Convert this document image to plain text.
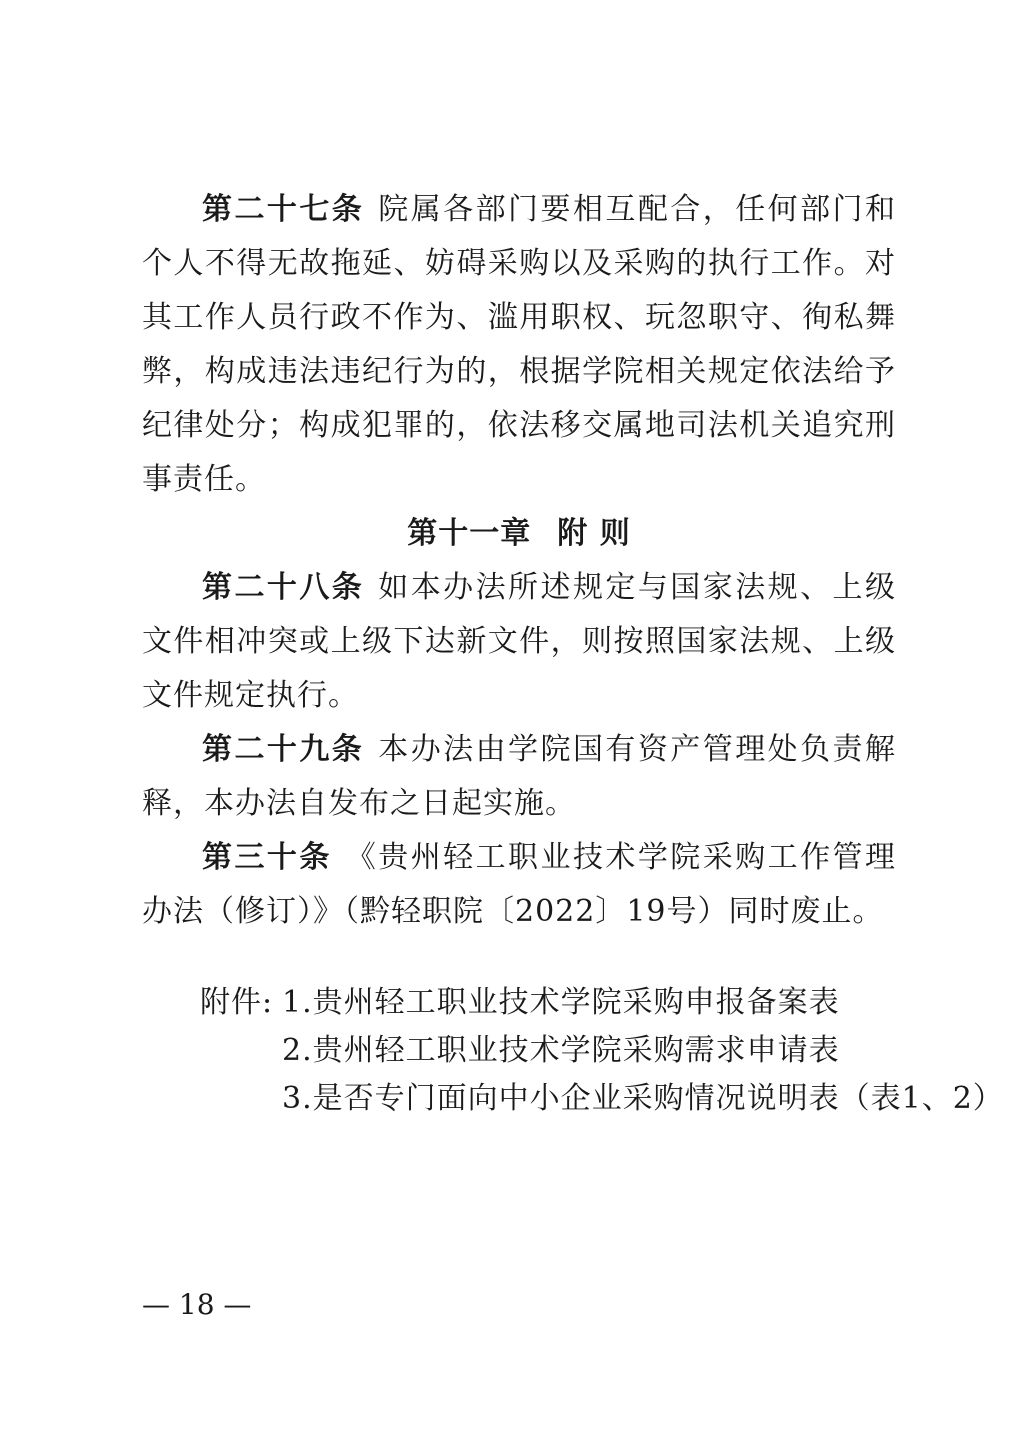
第二十七条 院属各部门要相互配合，任何部门和个人不得无故拖延、妨碍采购以及采购的执行工作。对其工作人员行政不作为、滥用职权、玩忽职守、徇私舞弊，构成违法违纪行为的，根据学院相关规定依法给予纪律处分；构成犯罪的，依法移交属地司法机关追究刑事责任。

第十一章 附 则

第二十八条 如本办法所述规定与国家法规、上级文件相冲突或上级下达新文件，则按照国家法规、上级文件规定执行。

第二十九条 本办法由学院国有资产管理处负责解释，本办法自发布之日起实施。

第三十条 《贵州轻工职业技术学院采购工作管理办法（修订）》（黔轻职院〔2022〕19号）同时废止。

附件: 1.贵州轻工职业技术学院采购申报备案表
2.贵州轻工职业技术学院采购需求申请表
3.是否专门面向中小企业采购情况说明表（表1、2）
— 18 —
